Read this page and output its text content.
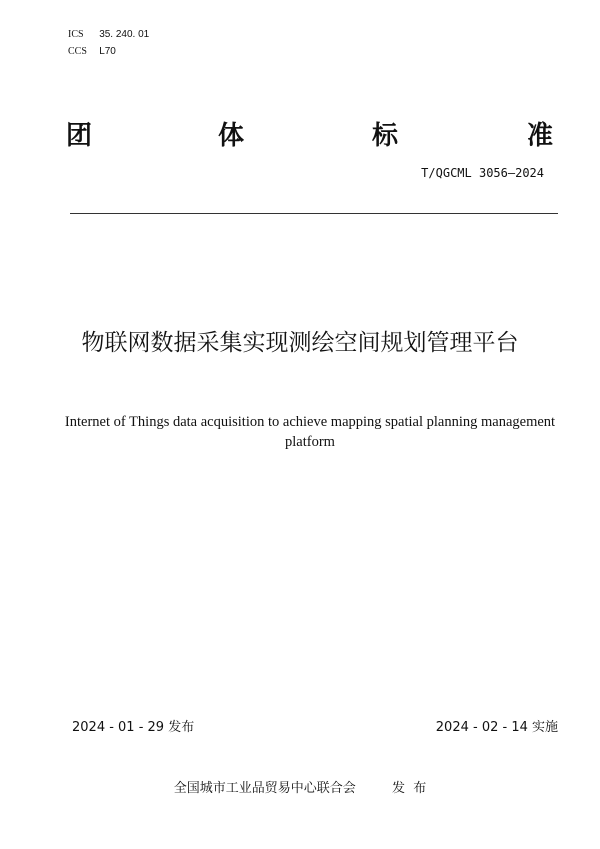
ICS 35. 240. 01
CCS L70
团	体	标	准
T/QGCML 3056—2024
物联网数据采集实现测绘空间规划管理平台
Internet of Things data acquisition to achieve mapping spatial planning management platform
2024 - 01 - 29 发布	2024 - 02 - 14 实施
全国城市工业品贸易中心联合会	发  布
